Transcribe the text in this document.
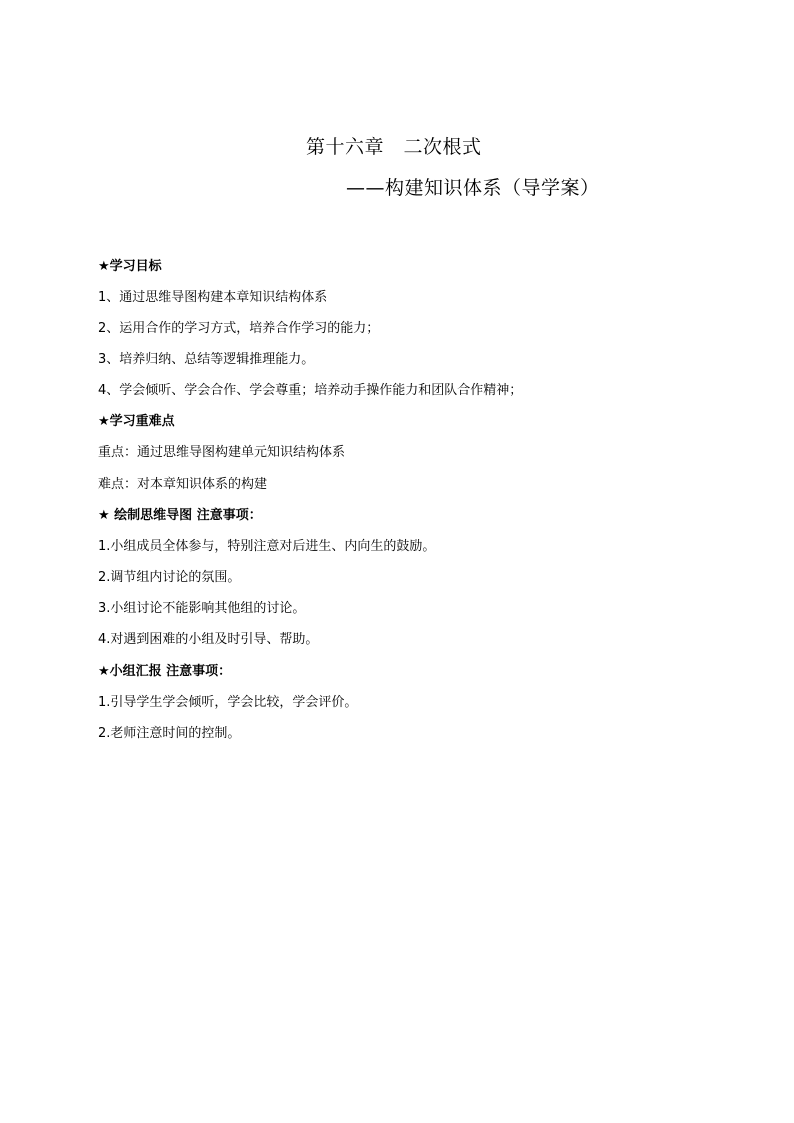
第十六章　二次根式
——构建知识体系（导学案）
★学习目标
1、通过思维导图构建本章知识结构体系
2、运用合作的学习方式，培养合作学习的能力；
3、培养归纳、总结等逻辑推理能力。
4、学会倾听、学会合作、学会尊重；培养动手操作能力和团队合作精神；
★学习重难点
重点：通过思维导图构建单元知识结构体系
难点：对本章知识体系的构建
★ 绘制思维导图 注意事项：
1.小组成员全体参与，特别注意对后进生、内向生的鼓励。
2.调节组内讨论的氛围。
3.小组讨论不能影响其他组的讨论。
4.对遇到困难的小组及时引导、帮助。
★小组汇报 注意事项：
1.引导学生学会倾听，学会比较，学会评价。
2.老师注意时间的控制。
